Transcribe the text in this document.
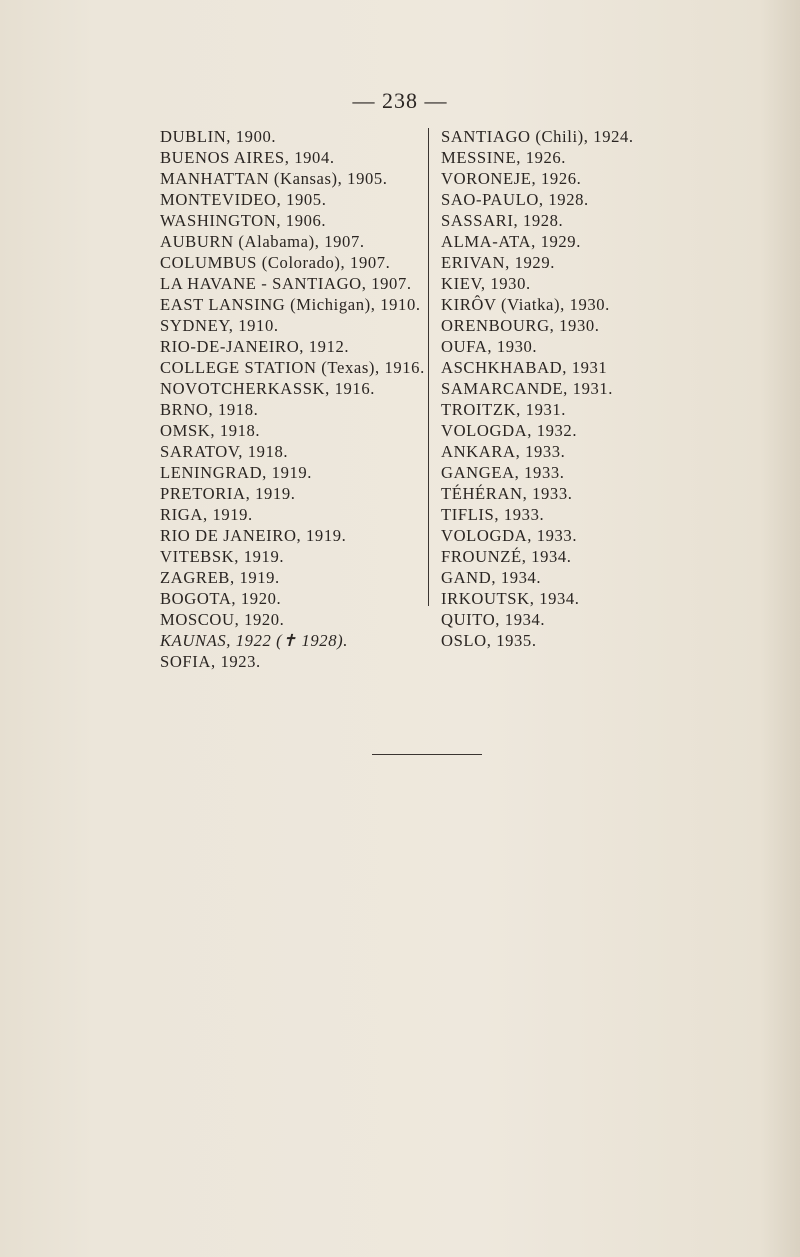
— 238 —
DUBLIN, 1900.
BUENOS AIRES, 1904.
MANHATTAN (Kansas), 1905.
MONTEVIDEO, 1905.
WASHINGTON, 1906.
AUBURN (Alabama), 1907.
COLUMBUS (Colorado), 1907.
LA HAVANE - SANTIAGO, 1907.
EAST LANSING (Michigan), 1910.
SYDNEY, 1910.
RIO-DE-JANEIRO, 1912.
COLLEGE STATION (Texas), 1916.
NOVOTCHERKASSK, 1916.
BRNO, 1918.
OMSK, 1918.
SARATOV, 1918.
LENINGRAD, 1919.
PRETORIA, 1919.
RIGA, 1919.
RIO DE JANEIRO, 1919.
VITEBSK, 1919.
ZAGREB, 1919.
BOGOTA, 1920.
MOSCOU, 1920.
KAUNAS, 1922 (✝ 1928).
SOFIA, 1923.
SANTIAGO (Chili), 1924.
MESSINE, 1926.
VORONEJE, 1926.
SAO-PAULO, 1928.
SASSARI, 1928.
ALMA-ATA, 1929.
ERIVAN, 1929.
KIEV, 1930.
KIRÔV (Viatka), 1930.
ORENBOURG, 1930.
OUFA, 1930.
ASCHKHABAD, 1931
SAMARCANDE, 1931.
TROITZK, 1931.
VOLOGDA, 1932.
ANKARA, 1933.
GANGEA, 1933.
TÉHÉRAN, 1933.
TIFLIS, 1933.
VOLOGDA, 1933.
FROUNZÉ, 1934.
GAND, 1934.
IRKOUTSK, 1934.
QUITO, 1934.
OSLO, 1935.
